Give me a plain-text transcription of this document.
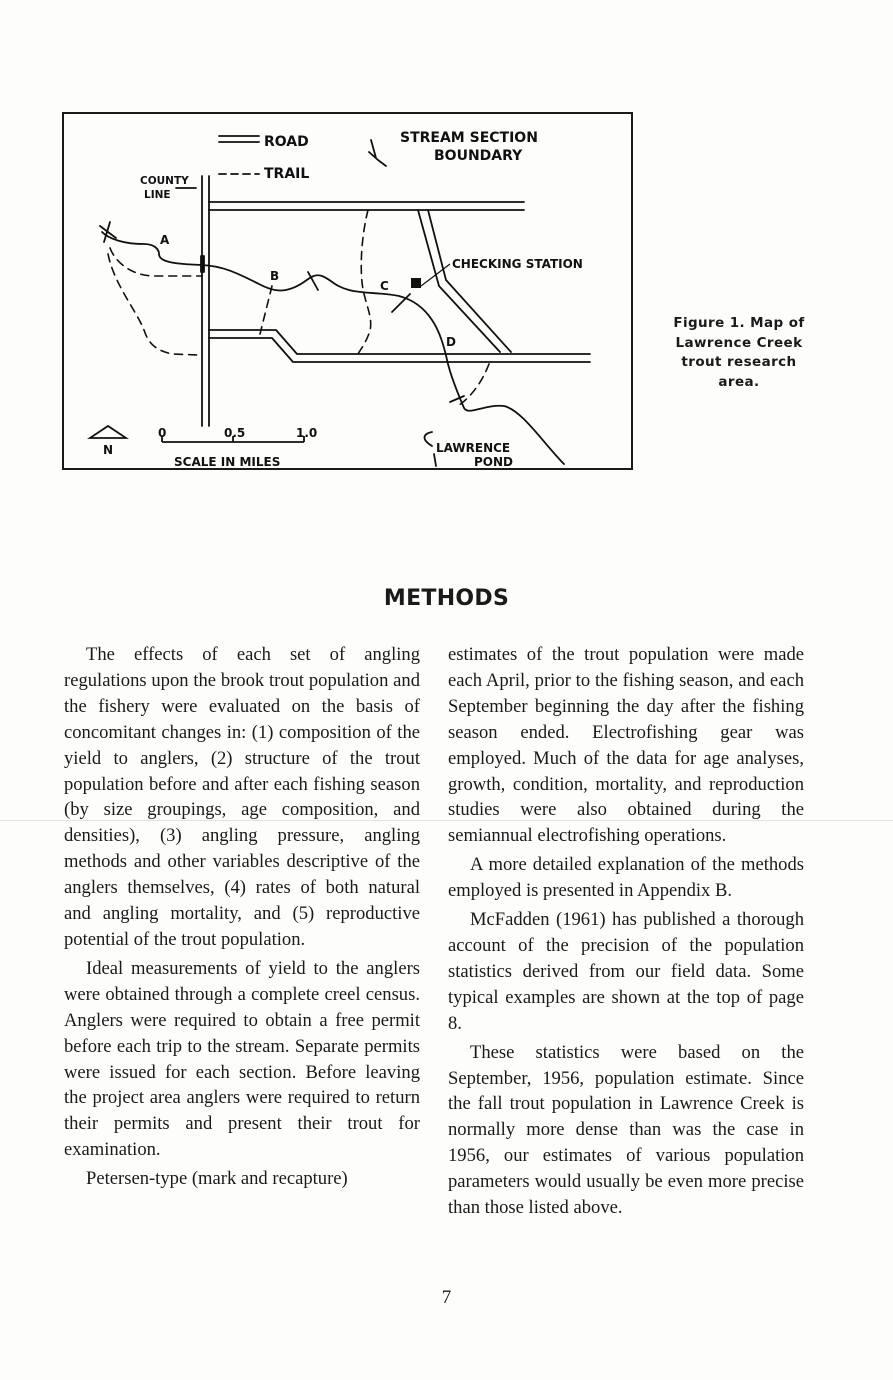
ROAD
TRAIL
STREAM SECTION
BOUNDARY
COUNTY
LINE
CHECKING STATION
LAWRENCE
POND
SCALE IN MILES
0	0.5	1.0
N
A
B
C
D
Figure 1. Map of Lawrence Creek trout research area.
METHODS

The effects of each set of angling regulations upon the brook trout population and the fishery were evaluated on the basis of concomitant changes in: (1) composition of the yield to anglers, (2) structure of the trout population before and after each fishing season (by size groupings, age composition, and densities), (3) angling pressure, angling methods and other variables descriptive of the anglers themselves, (4) rates of both natural and angling mortality, and (5) reproductive potential of the trout population.

Ideal measurements of yield to the anglers were obtained through a complete creel census. Anglers were required to obtain a free permit before each trip to the stream. Separate permits were issued for each section. Before leaving the project area anglers were required to return their permits and present their trout for examination.

Petersen-type (mark and recapture)

estimates of the trout population were made each April, prior to the fishing season, and each September beginning the day after the fishing season ended. Electrofishing gear was employed. Much of the data for age analyses, growth, condition, mortality, and reproduction studies were also obtained during the semiannual electrofishing operations.

A more detailed explanation of the methods employed is presented in Appendix B.

McFadden (1961) has published a thorough account of the precision of the population statistics derived from our field data. Some typical examples are shown at the top of page 8.

These statistics were based on the September, 1956, population estimate. Since the fall trout population in Lawrence Creek is normally more dense than was the case in 1956, our estimates of various population parameters would usually be even more precise than those listed above.

7
